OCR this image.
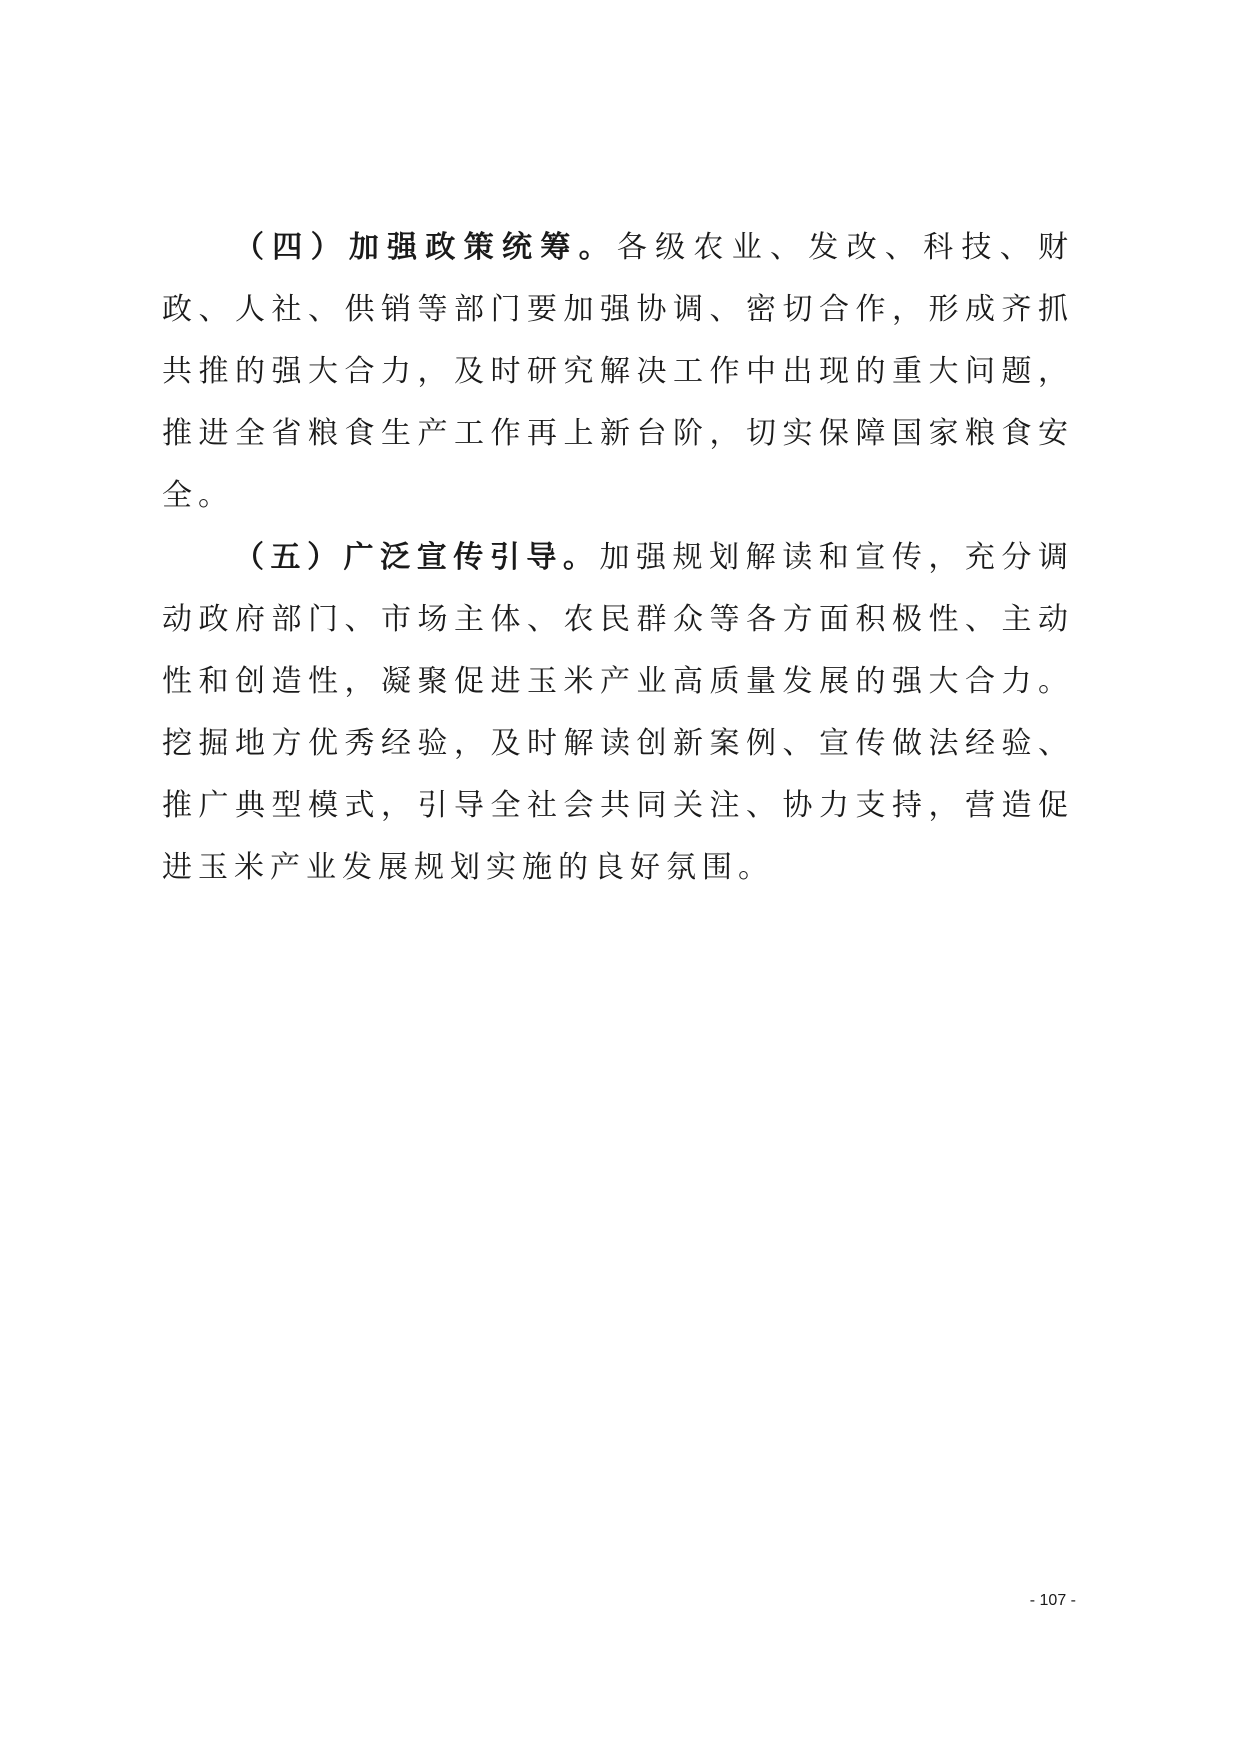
（四）加强政策统筹。各级农业、发改、科技、财政、人社、供销等部门要加强协调、密切合作，形成齐抓共推的强大合力，及时研究解决工作中出现的重大问题，推进全省粮食生产工作再上新台阶，切实保障国家粮食安全。

（五）广泛宣传引导。加强规划解读和宣传，充分调动政府部门、市场主体、农民群众等各方面积极性、主动性和创造性，凝聚促进玉米产业高质量发展的强大合力。挖掘地方优秀经验，及时解读创新案例、宣传做法经验、推广典型模式，引导全社会共同关注、协力支持，营造促进玉米产业发展规划实施的良好氛围。

- 107 -
